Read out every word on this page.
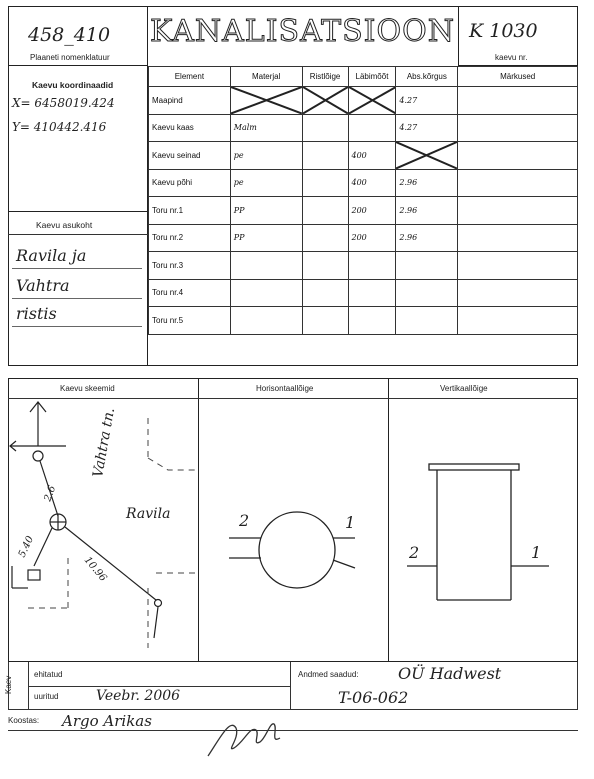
458_410
Plaaneti nomenklatuur
KANALISATSIOON K 1030
kaevu nr.
Kaevu koordinaadid
X= 6458019.424
Y= 410442.416
Kaevu asukoht
Ravila ja
Vahtra
ristis
Element	Materjal	Ristlõige	Läbimõõt	Abs.kõrgus	Märkused
Maapind				4.27	
Kaevu kaas	Malm			4.27	
Kaevu seinad	pe		400	

Kaevu põhi	pe		400	2.96	
Toru nr.1	PP		200	2.96	
Toru nr.2	PP		200	2.96	
Toru nr.3					
Toru nr.4					
Toru nr.5					
Kaevu skeemid	Horisontaallõige	Vertikaallõige
Vahtra tn.
Ravila
2.6
5.40
10.96
2	1
2	1
Kaev
ehitatud
uuritud	Veebr. 2006
Andmed saadud: OÜ Hadwest
T-06-062
Koostas: Argo Arikas
